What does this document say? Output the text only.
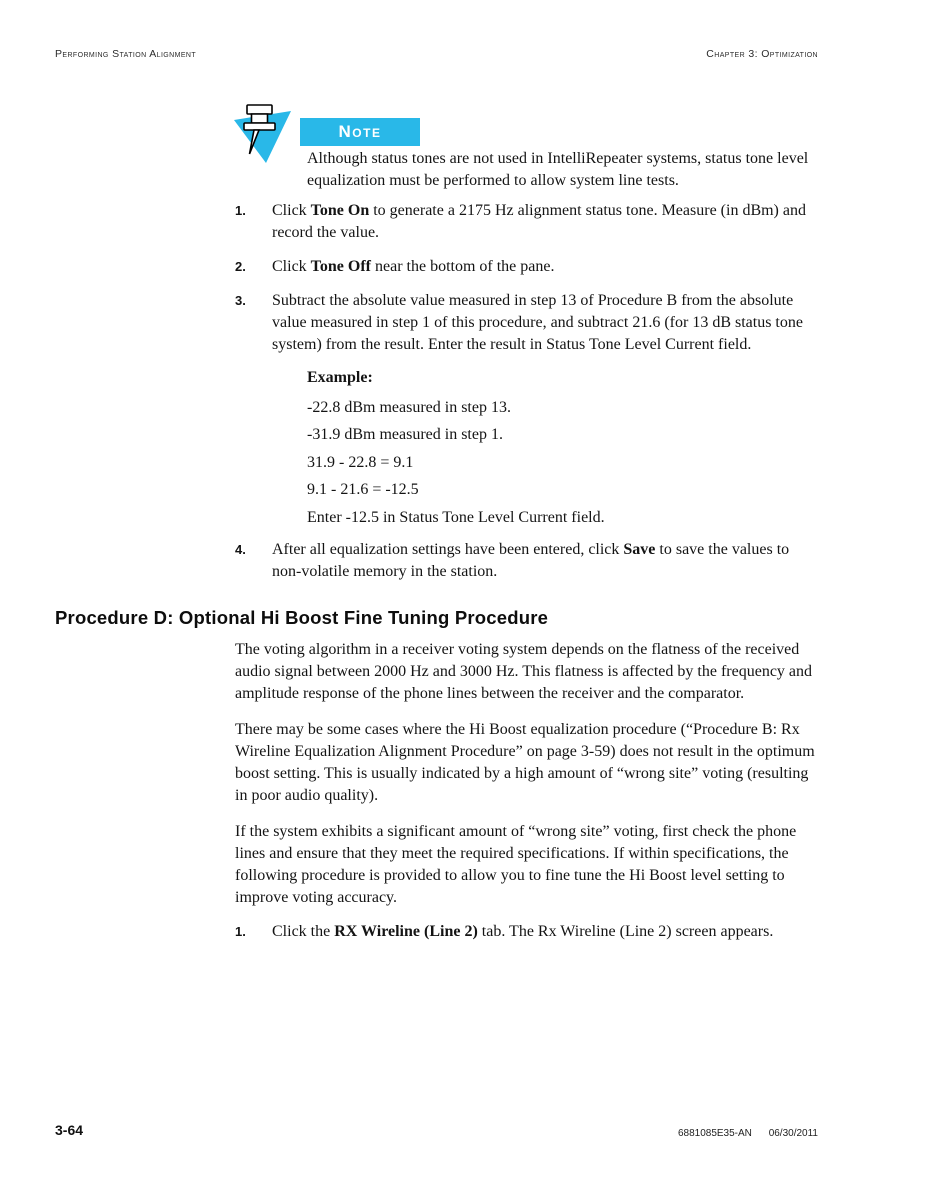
Performing Station Alignment	Chapter 3: Optimization
Note
Although status tones are not used in IntelliRepeater systems, status tone level equalization must be performed to allow system line tests.
1.	Click Tone On to generate a 2175 Hz alignment status tone. Measure (in dBm) and record the value.
2.	Click Tone Off near the bottom of the pane.
3.	Subtract the absolute value measured in step 13 of Procedure B from the absolute value measured in step 1 of this procedure, and subtract 21.6 (for 13 dB status tone system) from the result. Enter the result in Status Tone Level Current field.
Example:
-22.8 dBm measured in step 13.
-31.9 dBm measured in step 1.
31.9 - 22.8 = 9.1
9.1 - 21.6 = -12.5
Enter -12.5 in Status Tone Level Current field.
4.	After all equalization settings have been entered, click Save to save the values to non-volatile memory in the station.
Procedure D: Optional Hi Boost Fine Tuning Procedure

The voting algorithm in a receiver voting system depends on the flatness of the received audio signal between 2000 Hz and 3000 Hz. This flatness is affected by the frequency and amplitude response of the phone lines between the receiver and the comparator.

There may be some cases where the Hi Boost equalization procedure (“Procedure B: Rx Wireline Equalization Alignment Procedure” on page 3-59) does not result in the optimum boost setting. This is usually indicated by a high amount of “wrong site” voting (resulting in poor audio quality).

If the system exhibits a significant amount of “wrong site” voting, first check the phone lines and ensure that they meet the required specifications. If within specifications, the following procedure is provided to allow you to fine tune the Hi Boost level setting to improve voting accuracy.

1.	Click the RX Wireline (Line 2) tab. The Rx Wireline (Line 2) screen appears.
3-64	6881085E35-AN 06/30/2011
